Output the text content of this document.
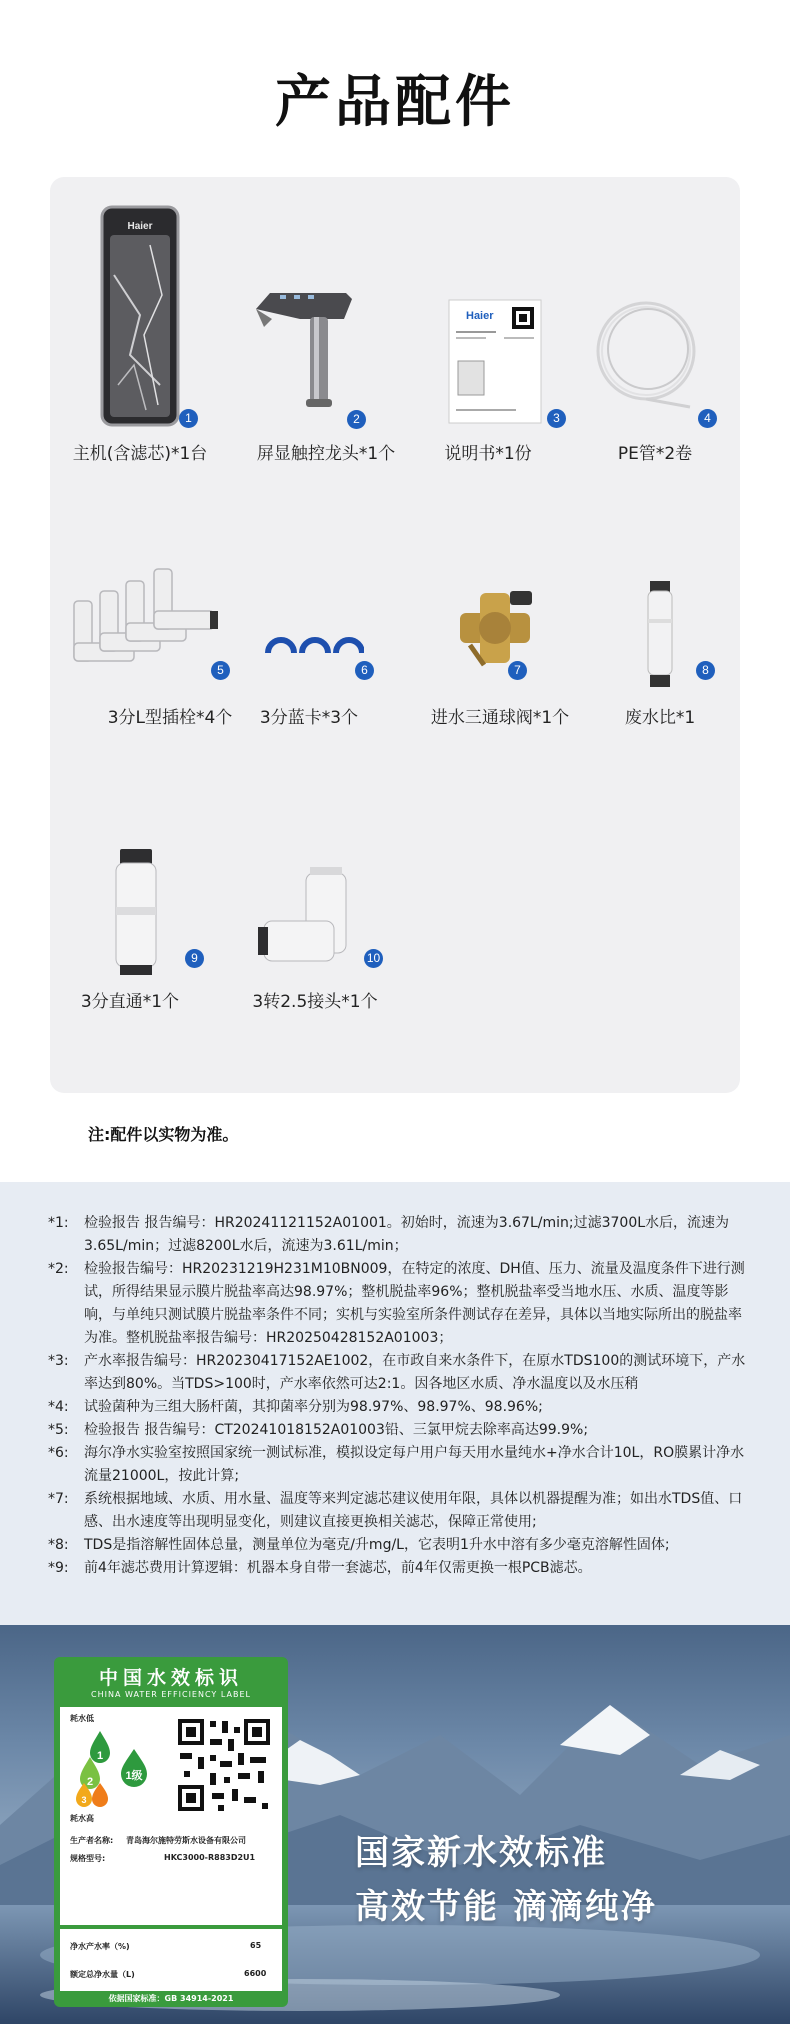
产品配件
Haier
1
主机(含滤芯)*1台
2
屏显触控龙头*1个
Haier
3
说明书*1份
4
PE管*2卷
5
3分L型插栓*4个
6
3分蓝卡*3个
7
进水三通球阀*1个
8
废水比*1
9
3分直通*1个
10
3转2.5接头*1个
注:配件以实物为准。
*1:	检验报告 报告编号：HR20241121152A01001。初始时，流速为3.67L/min;过滤3700L水后，流速为3.65L/min；过滤8200L水后，流速为3.61L/min；
*2:	检验报告编号：HR20231219H231M10BN009，在特定的浓度、DH值、压力、流量及温度条件下进行测试，所得结果显示膜片脱盐率高达98.97%；整机脱盐率96%；整机脱盐率受当地水压、水质、温度等影响，与单纯只测试膜片脱盐率条件不同；实机与实验室所条件测试存在差异，具体以当地实际所出的脱盐率为准。整机脱盐率报告编号：HR20250428152A01003；
*3:	产水率报告编号：HR20230417152AE1002，在市政自来水条件下，在原水TDS100的测试环境下，产水率达到80%。当TDS>100时，产水率依然可达2:1。因各地区水质、净水温度以及水压稍
*4:	试验菌种为三组大肠杆菌，其抑菌率分别为98.97%、98.97%、98.96%;
*5:	检验报告 报告编号：CT20241018152A01003铅、三氯甲烷去除率高达99.9%;
*6:	海尔净水实验室按照国家统一测试标准，模拟设定每户用户每天用水量纯水+净水合计10L，RO膜累计净水流量21000L，按此计算;
*7:	系统根据地域、水质、用水量、温度等来判定滤芯建议使用年限，具体以机器提醒为准；如出水TDS值、口感、出水速度等出现明显变化，则建议直接更换相关滤芯，保障正常使用;
*8:	TDS是指溶解性固体总量，测量单位为毫克/升mg/L，它表明1升水中溶有多少毫克溶解性固体;
*9:	前4年滤芯费用计算逻辑：机器本身自带一套滤芯，前4年仅需更换一根PCB滤芯。
国家新水效标准
高效节能 滴滴纯净
中国水效标识
CHINA WATER EFFICIENCY LABEL
耗水低
1
2
3
耗水高
1级
生产者名称: 青岛海尔施特劳斯水设备有限公司
规格型号:	HKC3000-R883D2U1
净水产水率（%)	65
额定总净水量（L)	6600
依据国家标准：GB 34914-2021
